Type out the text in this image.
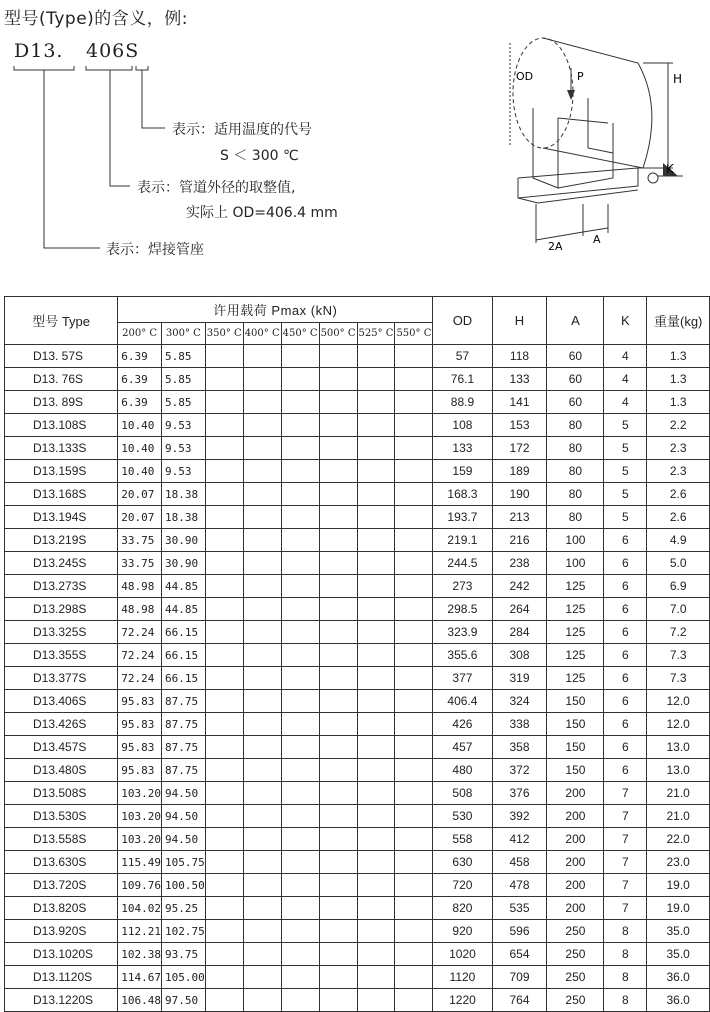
型号(Type)的含义，例:
D13. 406S
表示：适用温度的代号
S ＜ 300 ℃
表示：管道外径的取整值,
实际上 OD=406.4 mm
表示：焊接管座
OD	P	H
K
2A
A
型号 Type	许用载荷 Pmax (kN)								OD	H	A	K	重量(kg)
	200° C	300° C	350° C	400° C	450° C	500° C	525° C	550° C					
D13. 57S	6.39	5.85							57	118	60	4	1.3
D13. 76S	6.39	5.85							76.1	133	60	4	1.3
D13. 89S	6.39	5.85							88.9	141	60	4	1.3
D13.108S	10.40	9.53							108	153	80	5	2.2
D13.133S	10.40	9.53							133	172	80	5	2.3
D13.159S	10.40	9.53							159	189	80	5	2.3
D13.168S	20.07	18.38							168.3	190	80	5	2.6
D13.194S	20.07	18.38							193.7	213	80	5	2.6
D13.219S	33.75	30.90							219.1	216	100	6	4.9
D13.245S	33.75	30.90							244.5	238	100	6	5.0
D13.273S	48.98	44.85							273	242	125	6	6.9
D13.298S	48.98	44.85							298.5	264	125	6	7.0
D13.325S	72.24	66.15							323.9	284	125	6	7.2
D13.355S	72.24	66.15							355.6	308	125	6	7.3
D13.377S	72.24	66.15							377	319	125	6	7.3
D13.406S	95.83	87.75							406.4	324	150	6	12.0
D13.426S	95.83	87.75							426	338	150	6	12.0
D13.457S	95.83	87.75							457	358	150	6	13.0
D13.480S	95.83	87.75							480	372	150	6	13.0
D13.508S	103.20	94.50							508	376	200	7	21.0
D13.530S	103.20	94.50							530	392	200	7	21.0
D13.558S	103.20	94.50							558	412	200	7	22.0
D13.630S	115.49	105.75							630	458	200	7	23.0
D13.720S	109.76	100.50							720	478	200	7	19.0
D13.820S	104.02	95.25							820	535	200	7	19.0
D13.920S	112.21	102.75							920	596	250	8	35.0
D13.1020S	102.38	93.75							1020	654	250	8	35.0
D13.1120S	114.67	105.00							1120	709	250	8	36.0
D13.1220S	106.48	97.50							1220	764	250	8	36.0
